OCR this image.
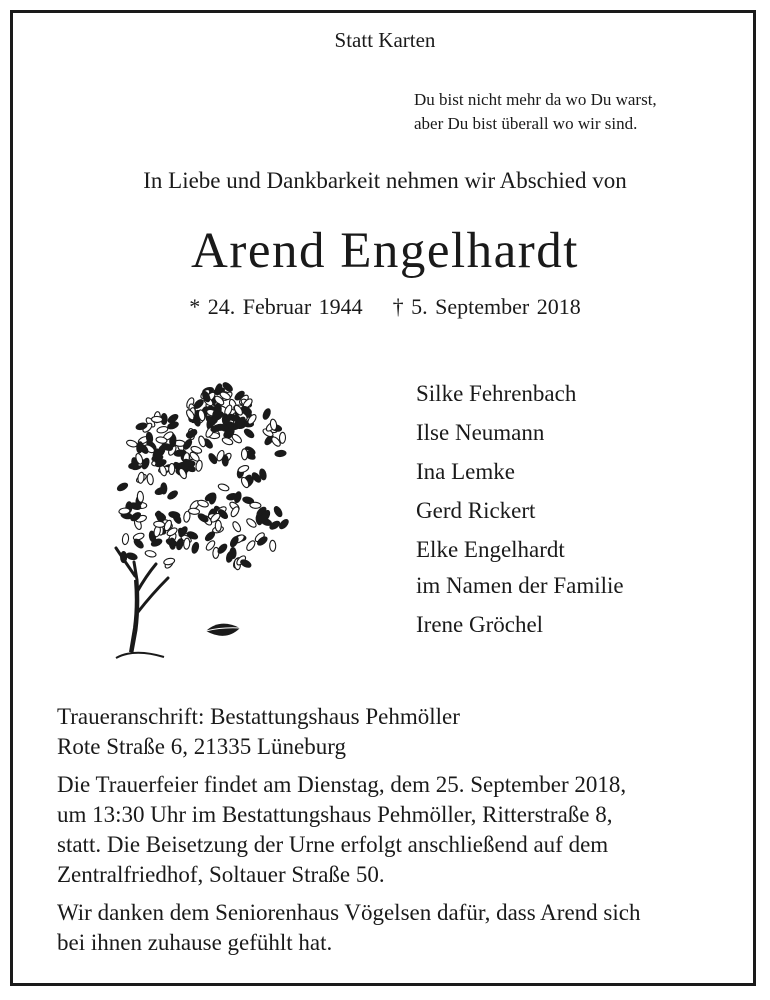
Statt Karten
Du bist nicht mehr da wo Du warst,
aber Du bist überall wo wir sind.
In Liebe und Dankbarkeit nehmen wir Abschied von
Arend Engelhardt
* 24. Februar 1944 † 5. September 2018
Silke Fehrenbach
Ilse Neumann
Ina Lemke
Gerd Rickert
Elke Engelhardt
im Namen der Familie
Irene Gröchel

Traueranschrift: Bestattungshaus Pehmöller
Rote Straße 6, 21335 Lüneburg

Die Trauerfeier findet am Dienstag, dem 25. September 2018,
um 13:30 Uhr im Bestattungshaus Pehmöller, Ritterstraße 8,
statt. Die Beisetzung der Urne erfolgt anschließend auf dem
Zentralfriedhof, Soltauer Straße 50.

Wir danken dem Seniorenhaus Vögelsen dafür, dass Arend sich
bei ihnen zuhause gefühlt hat.
